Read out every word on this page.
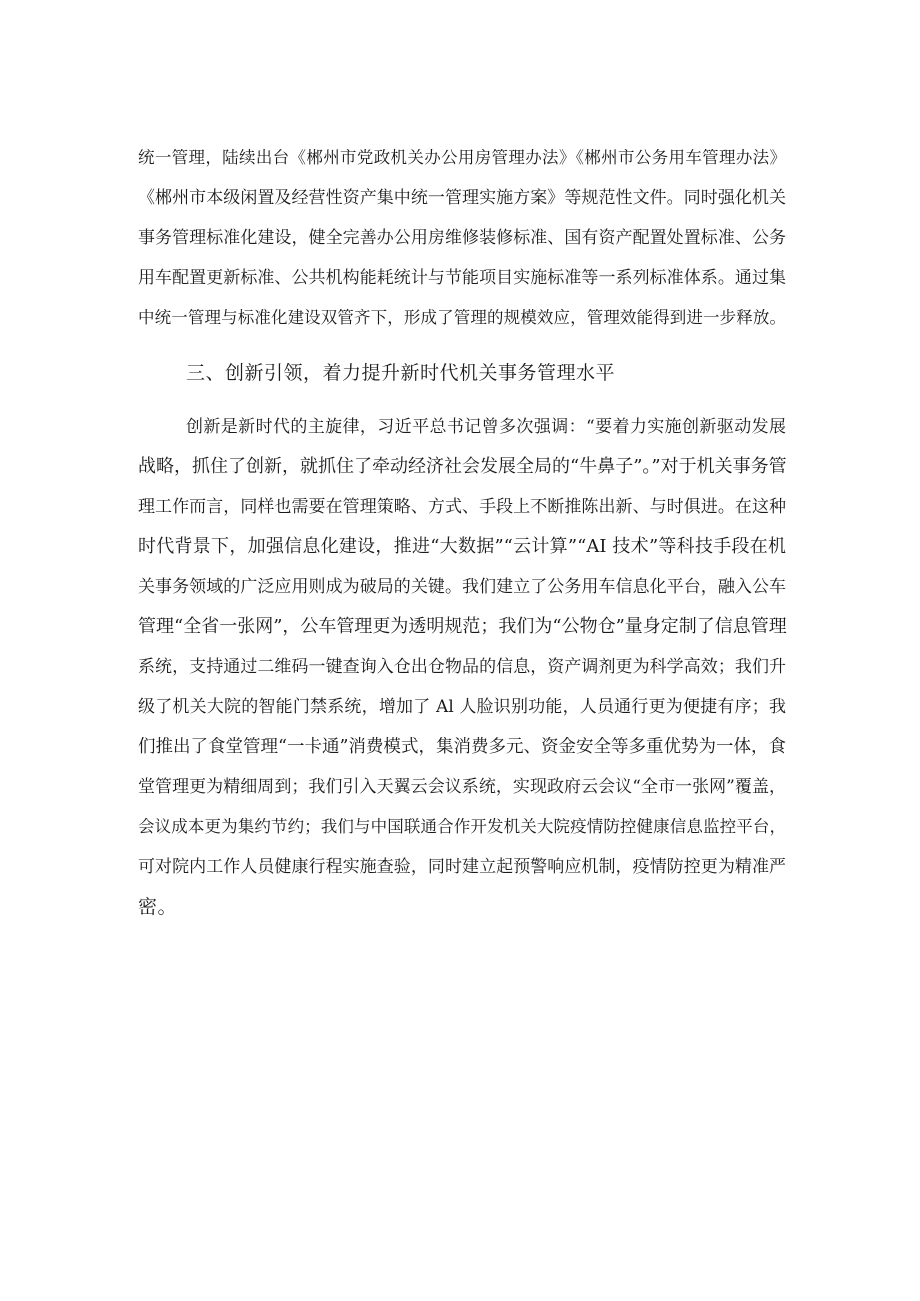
统一管理，陆续出台《郴州市党政机关办公用房管理办法》《郴州市公务用车管理办法》
《郴州市本级闲置及经营性资产集中统一管理实施方案》等规范性文件。同时强化机关
事务管理标准化建设，健全完善办公用房维修装修标准、国有资产配置处置标准、公务
用车配置更新标准、公共机构能耗统计与节能项目实施标准等一系列标准体系。通过集
中统一管理与标准化建设双管齐下，形成了管理的规模效应，管理效能得到进一步释放。
三、创新引领，着力提升新时代机关事务管理水平
创新是新时代的主旋律，习近平总书记曾多次强调：“要着力实施创新驱动发展
战略，抓住了创新，就抓住了牵动经济社会发展全局的“牛鼻子”。”对于机关事务管
理工作而言，同样也需要在管理策略、方式、手段上不断推陈出新、与时俱进。在这种
时代背景下，加强信息化建设，推进“大数据”“云计算”“AI 技术”等科技手段在机
关事务领域的广泛应用则成为破局的关键。我们建立了公务用车信息化平台，融入公车
管理“全省一张网”，公车管理更为透明规范；我们为“公物仓”量身定制了信息管理
系统，支持通过二维码一键查询入仓出仓物品的信息，资产调剂更为科学高效；我们升
级了机关大院的智能门禁系统，增加了 Al 人脸识别功能，人员通行更为便捷有序；我
们推出了食堂管理“一卡通”消费模式，集消费多元、资金安全等多重优势为一体，食
堂管理更为精细周到；我们引入天翼云会议系统，实现政府云会议“全市一张网”覆盖，
会议成本更为集约节约；我们与中国联通合作开发机关大院疫情防控健康信息监控平台，
可对院内工作人员健康行程实施查验，同时建立起预警响应机制，疫情防控更为精准严
密。
